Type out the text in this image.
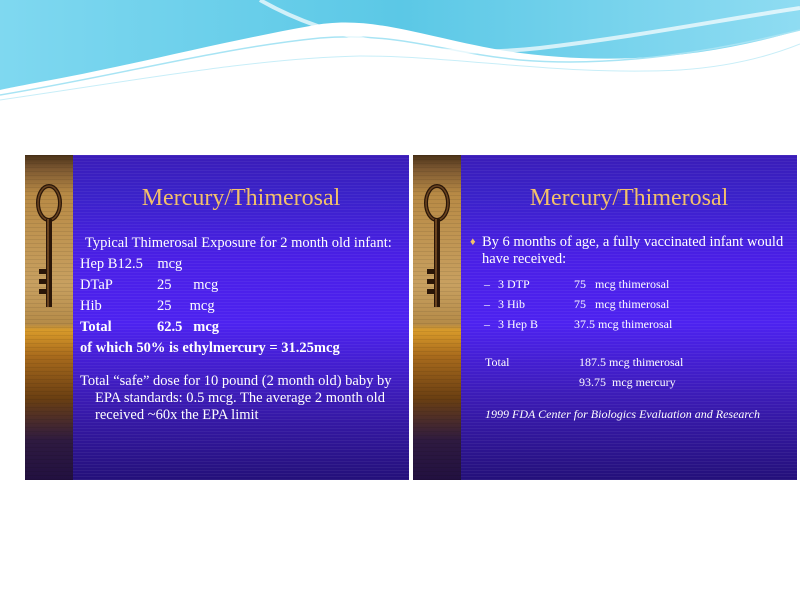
Mercury/Thimerosal
Typical Thimerosal Exposure for 2 month old infant:
Hep B12.5    mcg
DTaP	25      mcg
Hib	25     mcg
Total	62.5   mcg
of which 50% is ethylmercury = 31.25mcg
Total “safe” dose for 10 pound (2 month old) baby by EPA standards: 0.5 mcg. The average 2 month old received ~60x the EPA limit
Mercury/Thimerosal
♦ By 6 months of age, a fully vaccinated infant would have received:
– 3 DTP	75   mcg thimerosal
– 3 Hib	75   mcg thimerosal
– 3 Hep B	37.5 mcg thimerosal
Total	187.5 mcg thimerosal
93.75  mcg mercury
1999 FDA Center for Biologics Evaluation and Research
